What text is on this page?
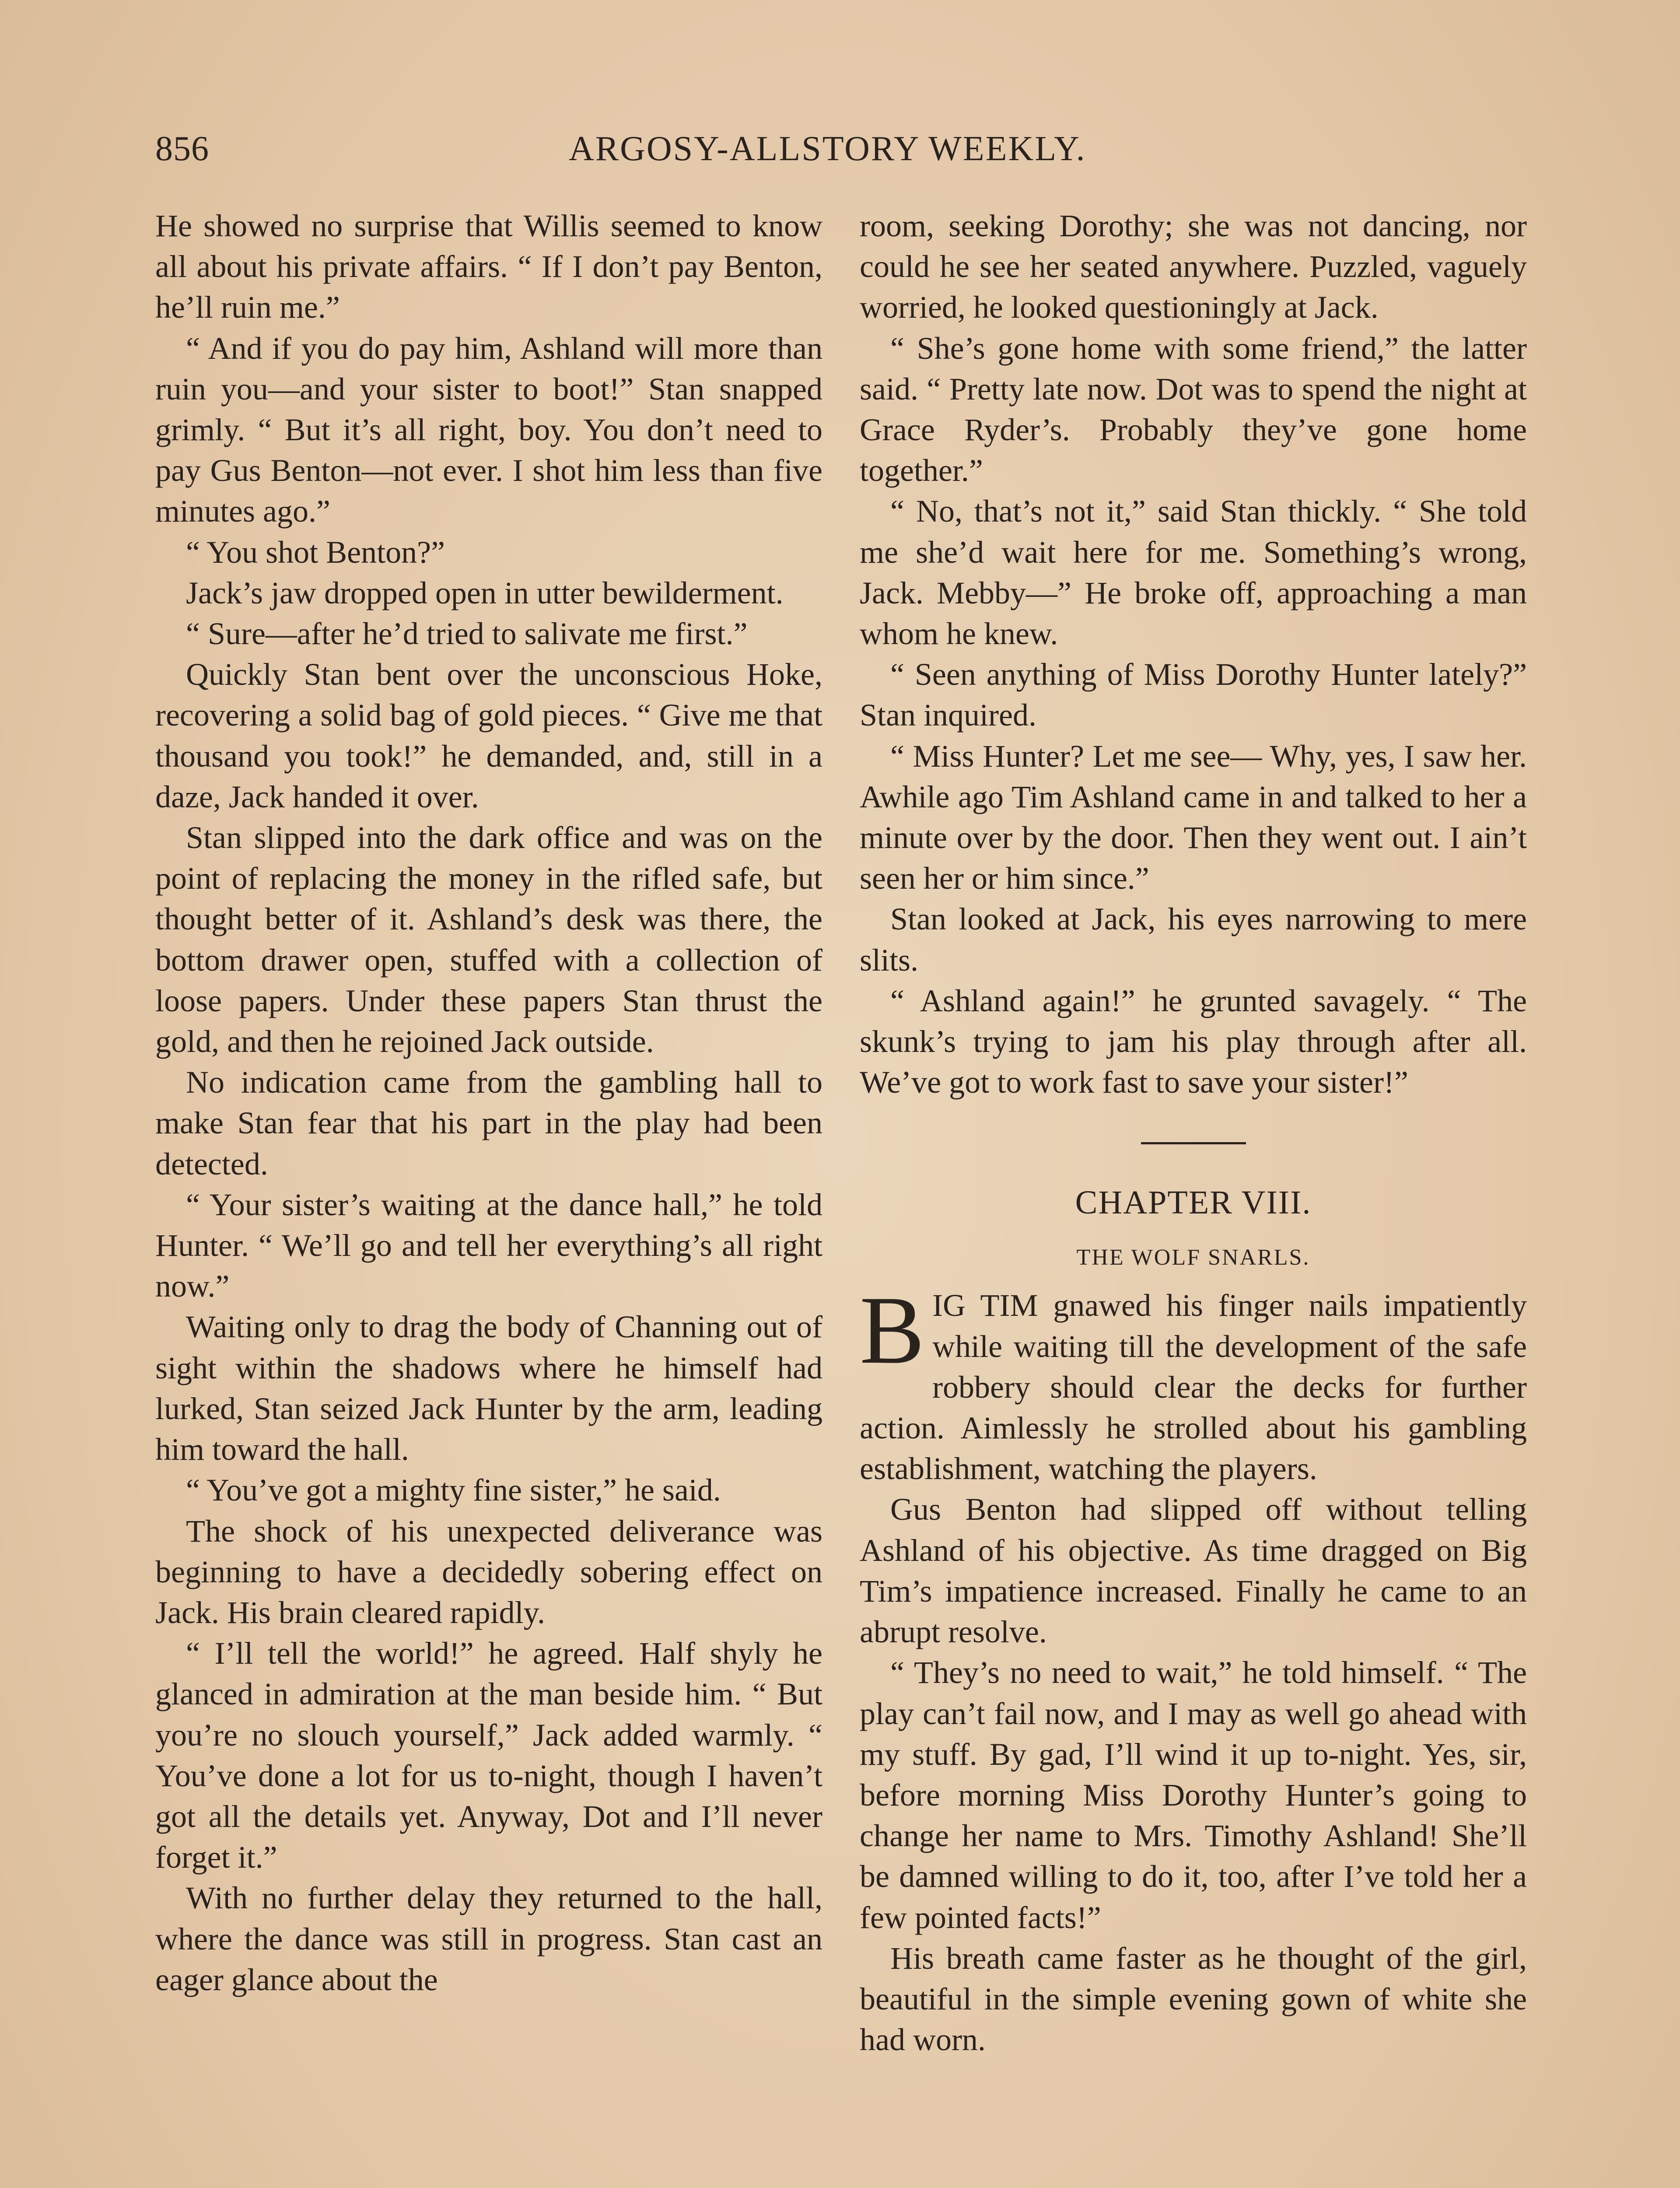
856	ARGOSY-ALLSTORY WEEKLY.

He showed no surprise that Willis seemed to know all about his private affairs. “ If I don’t pay Benton, he’ll ruin me.”

“ And if you do pay him, Ashland will more than ruin you—and your sister to boot!” Stan snapped grimly. “ But it’s all right, boy. You don’t need to pay Gus Benton—not ever. I shot him less than five minutes ago.”

“ You shot Benton?”

Jack’s jaw dropped open in utter bewilderment.

“ Sure—after he’d tried to salivate me first.”

Quickly Stan bent over the unconscious Hoke, recovering a solid bag of gold pieces. “ Give me that thousand you took!” he demanded, and, still in a daze, Jack handed it over.

Stan slipped into the dark office and was on the point of replacing the money in the rifled safe, but thought better of it. Ashland’s desk was there, the bottom drawer open, stuffed with a collection of loose papers. Under these papers Stan thrust the gold, and then he rejoined Jack outside.

No indication came from the gambling hall to make Stan fear that his part in the play had been detected.

“ Your sister’s waiting at the dance hall,” he told Hunter. “ We’ll go and tell her everything’s all right now.”

Waiting only to drag the body of Channing out of sight within the shadows where he himself had lurked, Stan seized Jack Hunter by the arm, leading him toward the hall.

“ You’ve got a mighty fine sister,” he said.

The shock of his unexpected deliverance was beginning to have a decidedly sobering effect on Jack. His brain cleared rapidly.

“ I’ll tell the world!” he agreed. Half shyly he glanced in admiration at the man beside him. “ But you’re no slouch yourself,” Jack added warmly. “ You’ve done a lot for us to-night, though I haven’t got all the details yet. Anyway, Dot and I’ll never forget it.”

With no further delay they returned to the hall, where the dance was still in progress. Stan cast an eager glance about the

room, seeking Dorothy; she was not dancing, nor could he see her seated anywhere. Puzzled, vaguely worried, he looked questioningly at Jack.

“ She’s gone home with some friend,” the latter said. “ Pretty late now. Dot was to spend the night at Grace Ryder’s. Probably they’ve gone home together.”

“ No, that’s not it,” said Stan thickly. “ She told me she’d wait here for me. Something’s wrong, Jack. Mebby—” He broke off, approaching a man whom he knew.

“ Seen anything of Miss Dorothy Hunter lately?” Stan inquired.

“ Miss Hunter? Let me see— Why, yes, I saw her. Awhile ago Tim Ashland came in and talked to her a minute over by the door. Then they went out. I ain’t seen her or him since.”

Stan looked at Jack, his eyes narrowing to mere slits.

“ Ashland again!” he grunted savagely. “ The skunk’s trying to jam his play through after all. We’ve got to work fast to save your sister!”

CHAPTER VIII.
THE WOLF SNARLS.

BIG TIM gnawed his finger nails impatiently while waiting till the development of the safe robbery should clear the decks for further action. Aimlessly he strolled about his gambling establishment, watching the players.

Gus Benton had slipped off without telling Ashland of his objective. As time dragged on Big Tim’s impatience increased. Finally he came to an abrupt resolve.

“ They’s no need to wait,” he told himself. “ The play can’t fail now, and I may as well go ahead with my stuff. By gad, I’ll wind it up to-night. Yes, sir, before morning Miss Dorothy Hunter’s going to change her name to Mrs. Timothy Ashland! She’ll be damned willing to do it, too, after I’ve told her a few pointed facts!”

His breath came faster as he thought of the girl, beautiful in the simple evening gown of white she had worn.
